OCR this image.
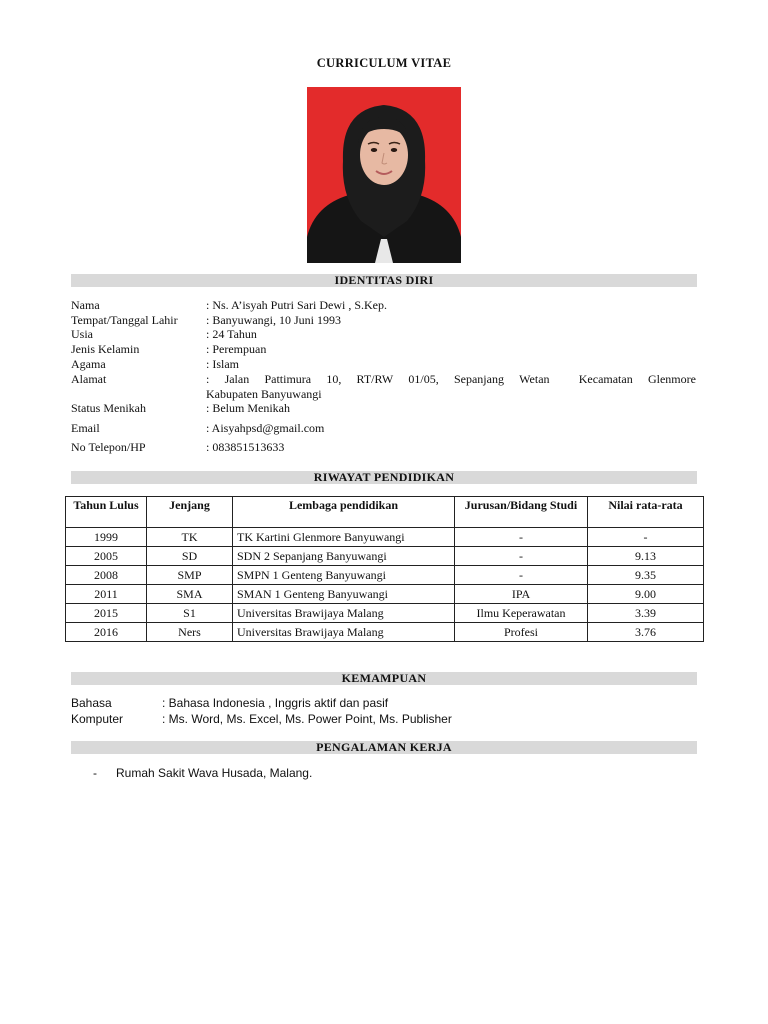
CURRICULUM VITAE
IDENTITAS DIRI
Nama	: Ns. A’isyah Putri Sari Dewi , S.Kep.
Tempat/Tanggal Lahir : Banyuwangi, 10 Juni 1993
Usia	: 24 Tahun
Jenis Kelamin	: Perempuan
Agama	: Islam
Alamat	: Jalan Pattimura 10, RT/RW 01/05, Sepanjang Wetan Kecamatan Glenmore
Kabupaten Banyuwangi
Status Menikah	: Belum Menikah
Email	: Aisyahpsd@gmail.com
No Telepon/HP	: 083851513633
RIWAYAT PENDIDIKAN
Tahun Lulus	Jenjang	Lembaga pendidikan	Jurusan/Bidang Studi	Nilai rata-rata
1999	TK	TK Kartini Glenmore Banyuwangi	-	-
2005	SD	SDN 2 Sepanjang Banyuwangi	-	9.13
2008	SMP	SMPN 1 Genteng Banyuwangi	-	9.35
2011	SMA	SMAN 1 Genteng Banyuwangi	IPA	9.00
2015	S1	Universitas Brawijaya Malang	Ilmu Keperawatan	3.39
2016	Ners	Universitas Brawijaya Malang	Profesi	3.76
KEMAMPUAN
Bahasa	: Bahasa Indonesia , Inggris aktif dan pasif
Komputer	: Ms. Word, Ms. Excel, Ms. Power Point, Ms. Publisher
PENGALAMAN KERJA
- Rumah Sakit Wava Husada, Malang.
